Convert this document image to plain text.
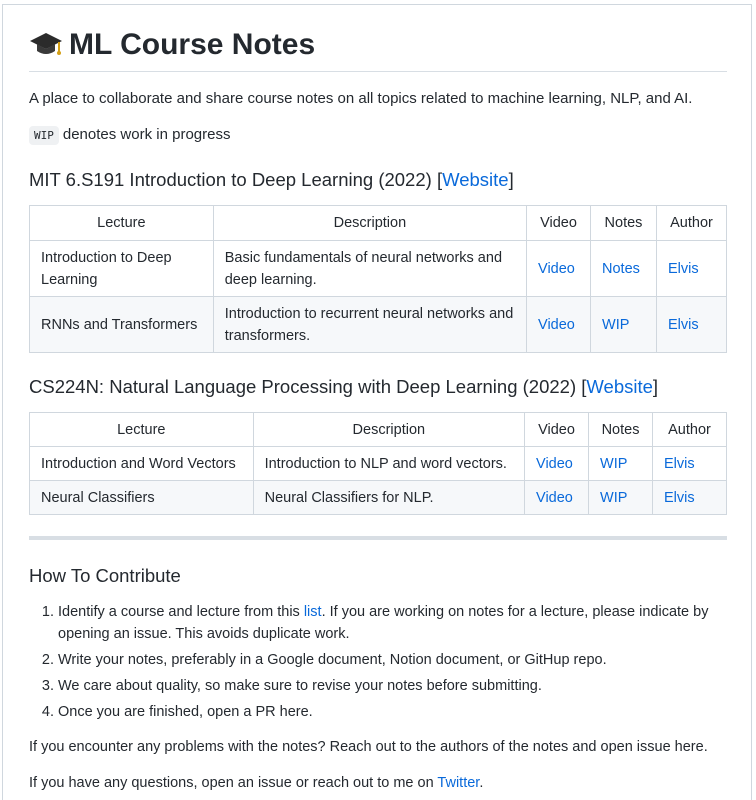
ML Course Notes
A place to collaborate and share course notes on all topics related to machine learning, NLP, and AI.
WIP denotes work in progress
MIT 6.S191 Introduction to Deep Learning (2022) [Website]
Lecture	Description	Video	Notes	Author
Introduction to Deep Learning	Basic fundamentals of neural networks and deep learning.	Video	Notes	Elvis
RNNs and Transformers	Introduction to recurrent neural networks and transformers.	Video	WIP	Elvis
CS224N: Natural Language Processing with Deep Learning (2022) [Website]
Lecture	Description	Video	Notes	Author
Introduction and Word Vectors	Introduction to NLP and word vectors.	Video	WIP	Elvis
Neural Classifiers	Neural Classifiers for NLP.	Video	WIP	Elvis
How To Contribute
1. Identify a course and lecture from this list. If you are working on notes for a lecture, please indicate by opening an issue. This avoids duplicate work.
2. Write your notes, preferably in a Google document, Notion document, or GitHup repo.
3. We care about quality, so make sure to revise your notes before submitting.
4. Once you are finished, open a PR here.
If you encounter any problems with the notes? Reach out to the authors of the notes and open issue here.
If you have any questions, open an issue or reach out to me on Twitter.
